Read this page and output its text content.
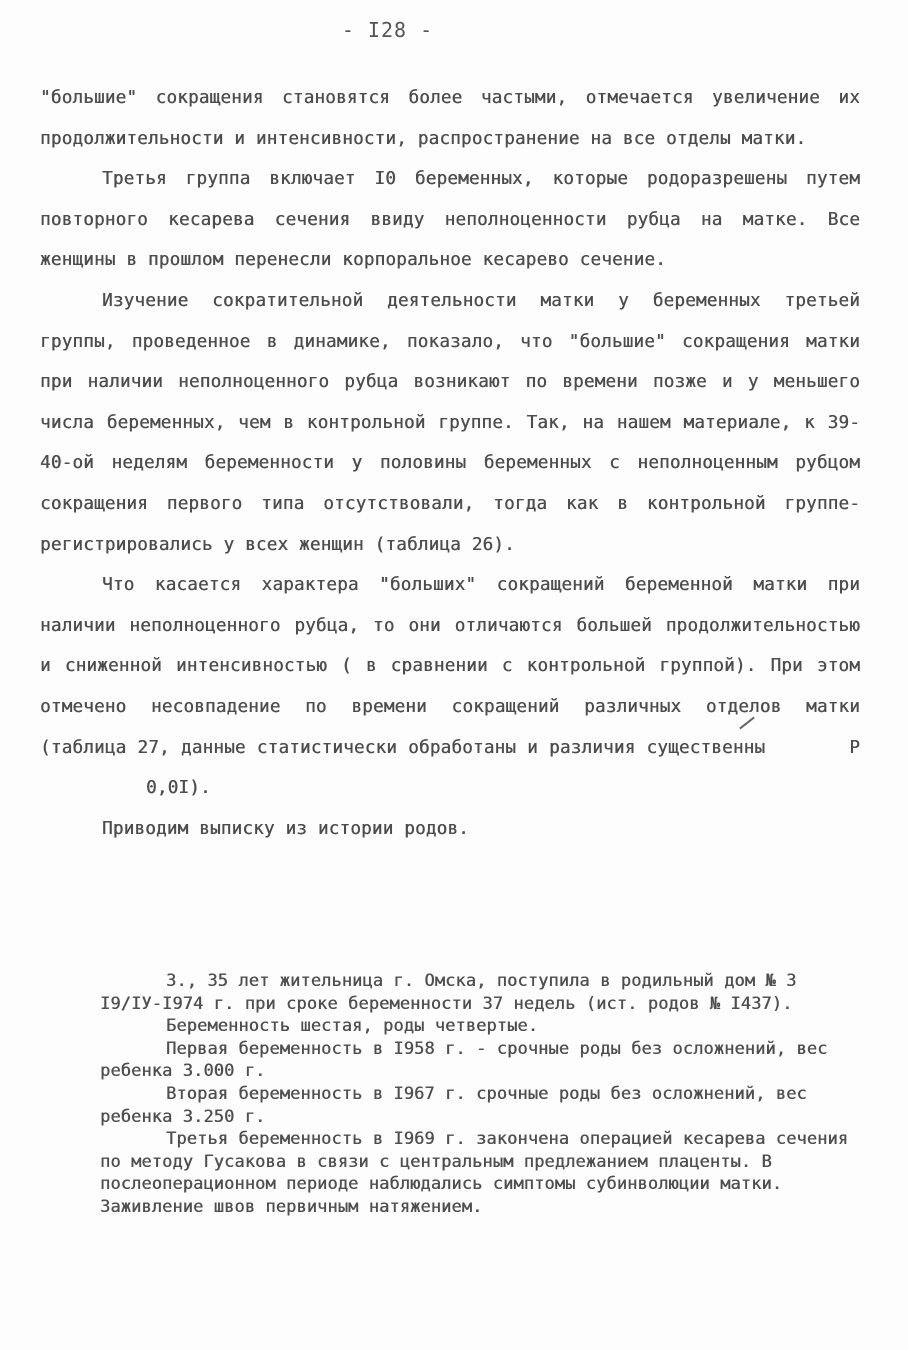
- I28 -

"большие" сокращения становятся более частыми, отмечается увеличение их продолжительности и интенсивности, распространение на все отделы матки.

Третья группа включает I0 беременных, которые родоразрешены путем повторного кесарева сечения ввиду неполноценности рубца на матке. Все женщины в прошлом перенесли корпоральное кесарево сечение.

Изучение сократительной деятельности матки у беременных третьей группы, проведенное в динамике, показало, что "большие" сокращения матки при наличии неполноценного рубца возникают по времени позже и у меньшего числа беременных, чем в контрольной группе. Так, на нашем материале, к 39-40-ой неделям беременности у половины беременных с неполноценным рубцом сокращения первого типа отсутствовали, тогда как в контрольной группе-регистрировались у всех женщин (таблица 26).

Что касается характера "больших" сокращений беременной матки при наличии неполноценного рубца, то они отличаются большей продолжительностью и сниженной интенсивностью ( в сравнении с контрольной группой). При этом отмечено несовпадение по времени сокращений различных отделов матки (таблица 27, данные статистически обработаны и различия существенны	Р0,0I).

Приводим выписку из истории родов.

З., 35 лет жительница г. Омска, поступила в родильный дом № 3 I9/IУ-I974 г. при сроке беременности 37 недель (ист. родов № I437).

Беременность шестая, роды четвертые.

Первая беременность в I958 г. - срочные роды без осложнений, вес ребенка 3.000 г.

Вторая беременность в I967 г. срочные роды без осложнений, вес ребенка 3.250 г.

Третья беременность в I969 г. закончена операцией кесарева сечения по методу Гусакова в связи с центральным предлежанием плаценты. В послеоперационном периоде наблюдались симптомы субинволюции матки. Заживление швов первичным натяжением.
